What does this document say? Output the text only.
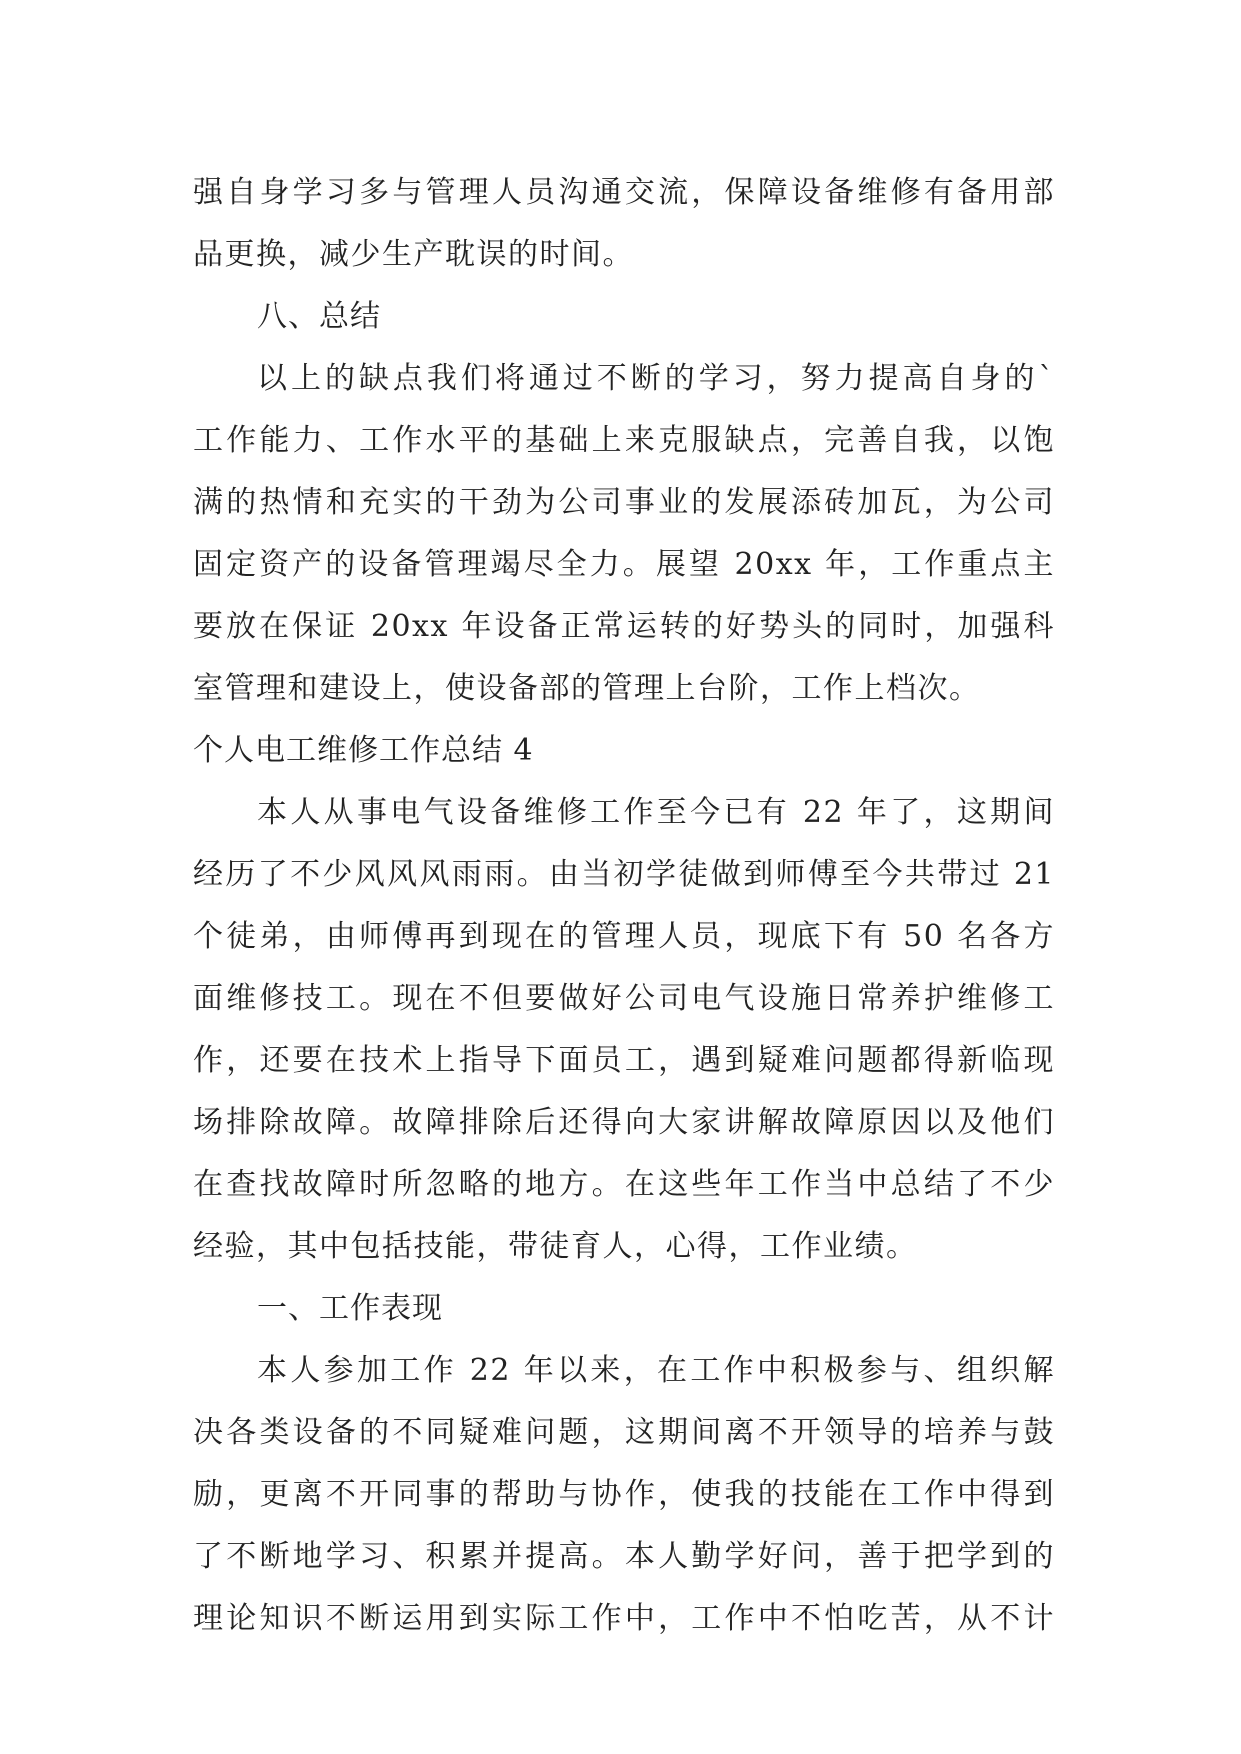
强自身学习多与管理人员沟通交流，保障设备维修有备用部
品更换，减少生产耽误的时间。
八、总结
以上的缺点我们将通过不断的学习，努力提高自身的`
工作能力、工作水平的基础上来克服缺点，完善自我，以饱
满的热情和充实的干劲为公司事业的发展添砖加瓦，为公司
固定资产的设备管理竭尽全力。展望 20xx 年，工作重点主
要放在保证 20xx 年设备正常运转的好势头的同时，加强科
室管理和建设上，使设备部的管理上台阶，工作上档次。
个人电工维修工作总结 4
本人从事电气设备维修工作至今已有 22 年了，这期间
经历了不少风风风雨雨。由当初学徒做到师傅至今共带过 21
个徒弟，由师傅再到现在的管理人员，现底下有 50 名各方
面维修技工。现在不但要做好公司电气设施日常养护维修工
作，还要在技术上指导下面员工，遇到疑难问题都得新临现
场排除故障。故障排除后还得向大家讲解故障原因以及他们
在查找故障时所忽略的地方。在这些年工作当中总结了不少
经验，其中包括技能，带徒育人，心得，工作业绩。
一、工作表现
本人参加工作 22 年以来，在工作中积极参与、组织解
决各类设备的不同疑难问题，这期间离不开领导的培养与鼓
励，更离不开同事的帮助与协作，使我的技能在工作中得到
了不断地学习、积累并提高。本人勤学好问，善于把学到的
理论知识不断运用到实际工作中，工作中不怕吃苦，从不计
